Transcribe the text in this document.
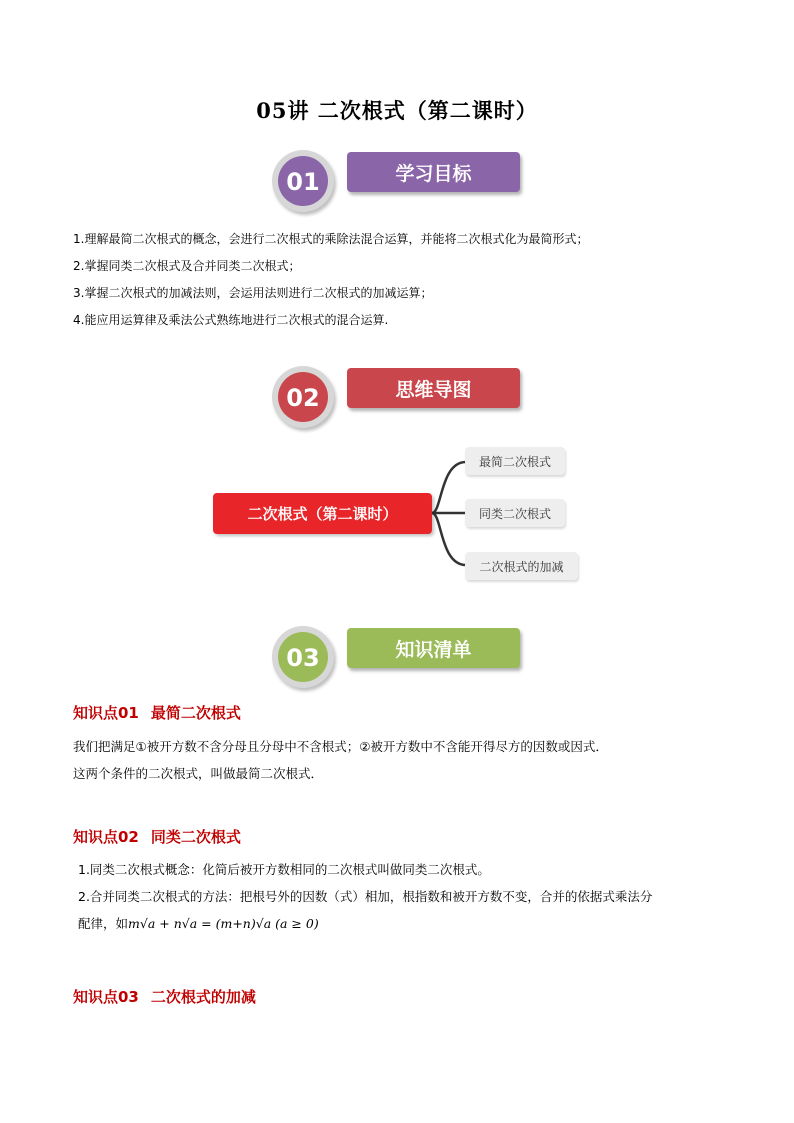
05讲 二次根式（第二课时）
01	学习目标
1.理解最简二次根式的概念，会进行二次根式的乘除法混合运算，并能将二次根式化为最简形式；
2.掌握同类二次根式及合并同类二次根式；
3.掌握二次根式的加减法则，会运用法则进行二次根式的加减运算；
4.能应用运算律及乘法公式熟练地进行二次根式的混合运算.
02	思维导图
二次根式（第二课时）
最简二次根式
同类二次根式
二次根式的加减
03	知识清单
知识点01 最简二次根式
我们把满足①被开方数不含分母且分母中不含根式；②被开方数中不含能开得尽方的因数或因式．
这两个条件的二次根式，叫做最简二次根式．
知识点02 同类二次根式
1.同类二次根式概念：化简后被开方数相同的二次根式叫做同类二次根式。
2.合并同类二次根式的方法：把根号外的因数（式）相加，根指数和被开方数不变，合并的依据式乘法分
配律，如m√a + n√a = (m+n)√a (a ≥ 0)
知识点03 二次根式的加减
